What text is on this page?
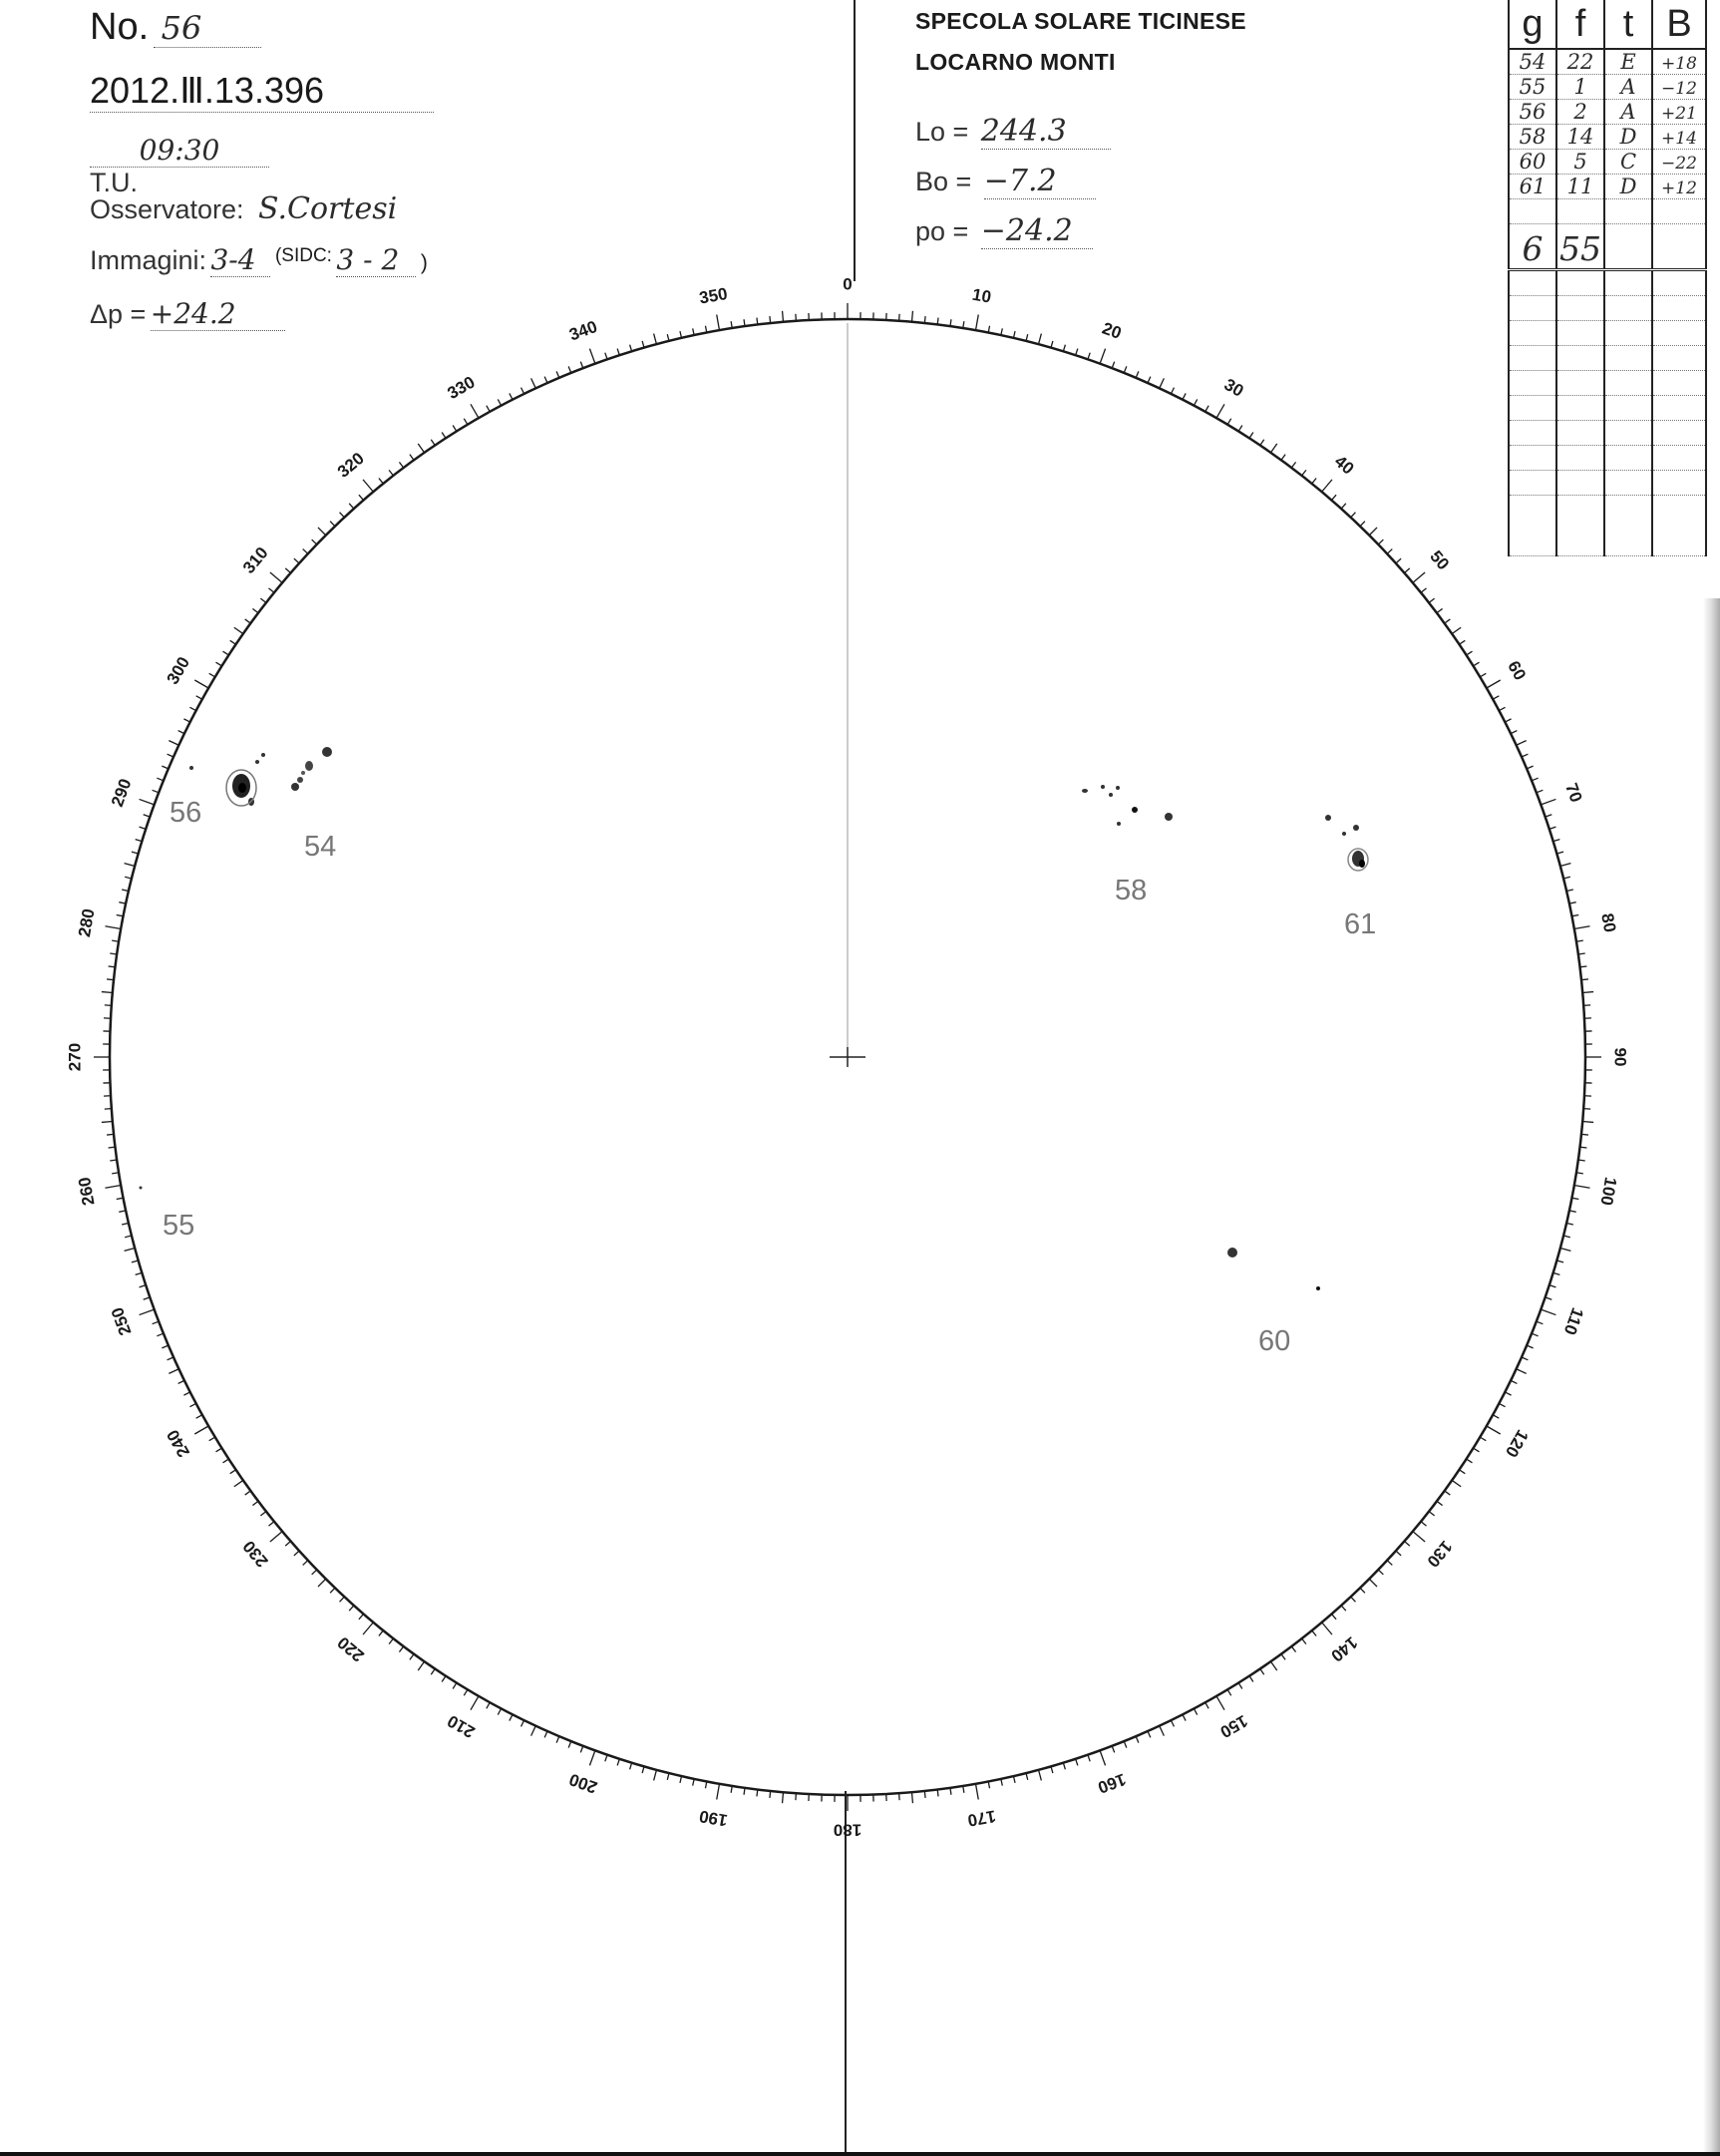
No. 56
2012.Ⅲ.13.396
09:30 T.U.
Osservatore: S.Cortesi
Immagini: 3-4 (SIDC: 3 - 2 )
Δp = +24.2
SPECOLA SOLARE TICINESE
LOCARNO MONTI
Lo = 244.3
Bo = −7.2
po = −24.2
g	f	t	B
54	22	E	+18
55	1	A	−12
56	2	A	+21
58	14	D	+14
60	5	C	−22
61	11	D	+12

6	55		

0
10
20
30
40
50
60
70
80
90
100
110
120
130
140
150
160
170
180
190
200
210
220
230
240
250
260
270
280
290
300
310
320
330
340
350
54
56
55
58
61
60
